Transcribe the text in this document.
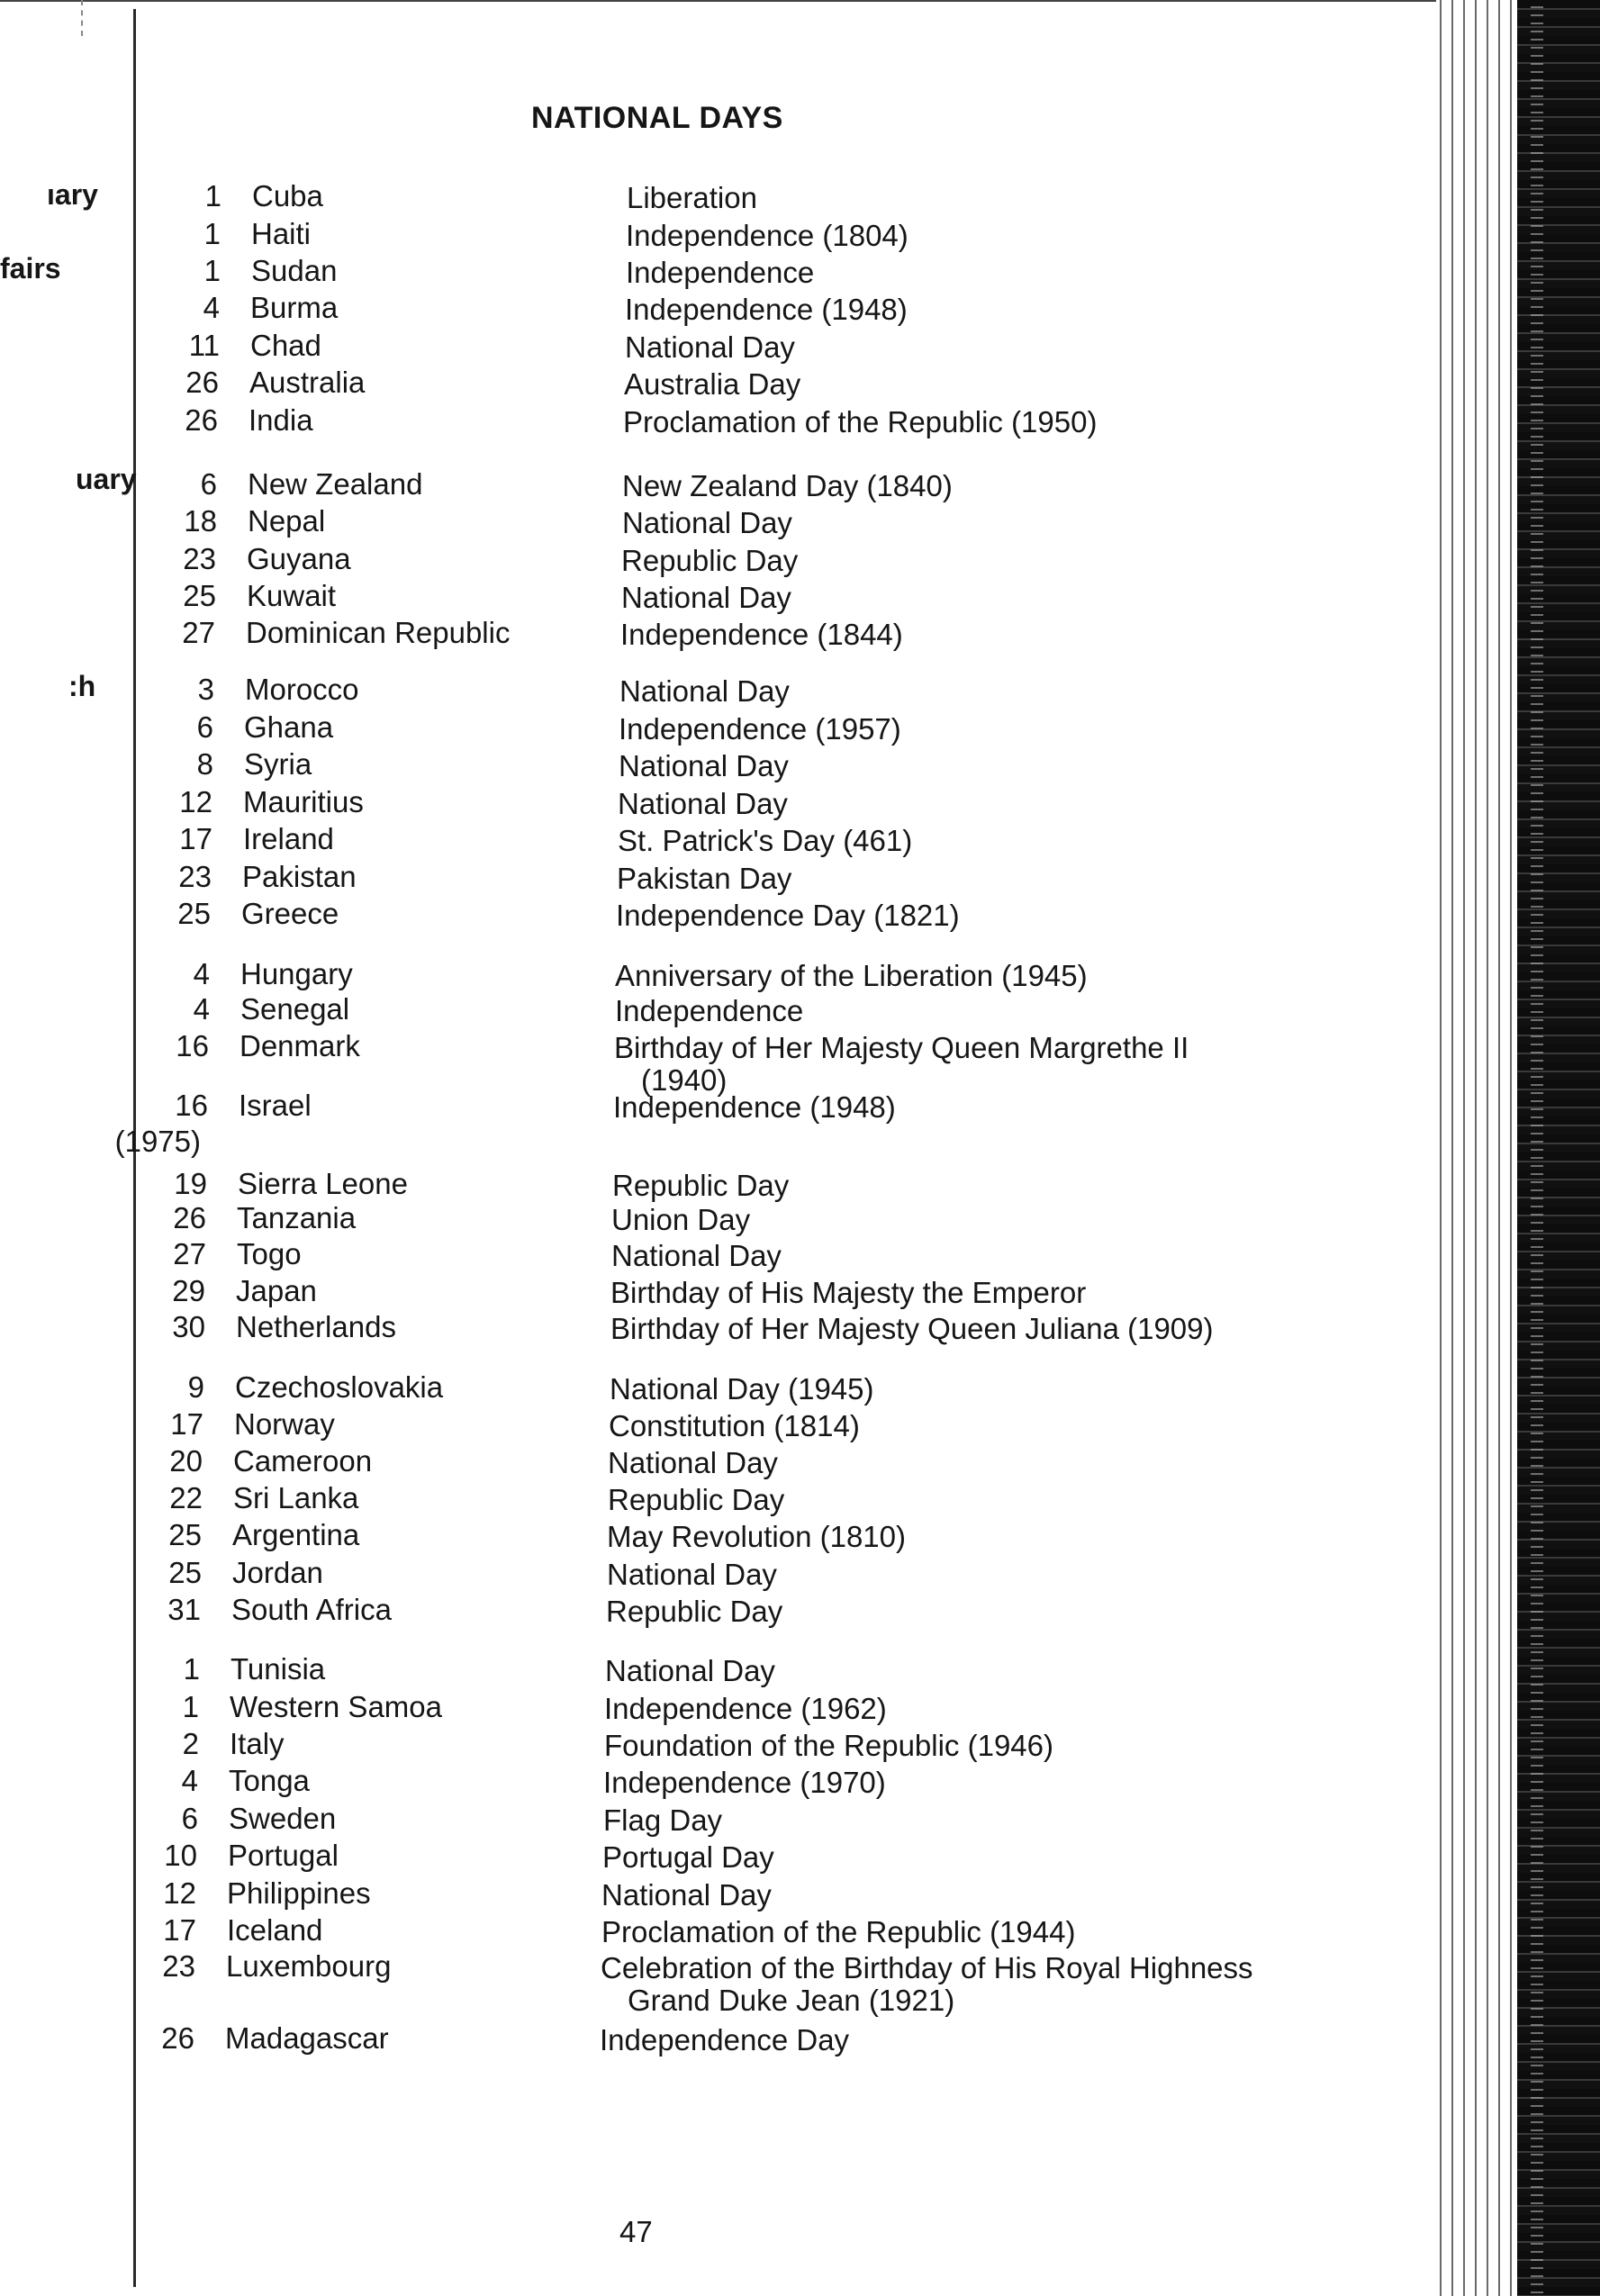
NATIONAL DAYS
ıary
fairs
uary
:h
1 Cuba	Liberation
1 Haiti	Independence (1804)
1 Sudan	Independence
4 Burma	Independence (1948)
11 Chad	National Day
26 Australia	Australia Day
26 India	Proclamation of the Republic (1950)
6 New Zealand	New Zealand Day (1840)
18 Nepal	National Day
23 Guyana	Republic Day
25 Kuwait	National Day
27 Dominican Republic	Independence (1844)
3 Morocco	National Day
6 Ghana	Independence (1957)
8 Syria	National Day
12 Mauritius	National Day
17 Ireland	St. Patrick's Day (461)
23 Pakistan	Pakistan Day
25 Greece	Independence Day (1821)
4 Hungary	Anniversary of the Liberation (1945)
4 Senegal	Independence
16 Denmark	Birthday of Her Majesty Queen Margrethe II
(1940)
16 Israel	Independence (1948)
(1975)
19 Sierra Leone	Republic Day
26 Tanzania	Union Day
27 Togo	National Day
29 Japan	Birthday of His Majesty the Emperor
30 Netherlands	Birthday of Her Majesty Queen Juliana (1909)
9 Czechoslovakia	National Day (1945)
17 Norway	Constitution (1814)
20 Cameroon	National Day
22 Sri Lanka	Republic Day
25 Argentina	May Revolution (1810)
25 Jordan	National Day
31 South Africa	Republic Day
1 Tunisia	National Day
1 Western Samoa	Independence (1962)
2 Italy	Foundation of the Republic (1946)
4 Tonga	Independence (1970)
6 Sweden	Flag Day
10 Portugal	Portugal Day
12 Philippines	National Day
17 Iceland	Proclamation of the Republic (1944)
23 Luxembourg	Celebration of the Birthday of His Royal Highness
Grand Duke Jean (1921)
26 Madagascar	Independence Day
47
